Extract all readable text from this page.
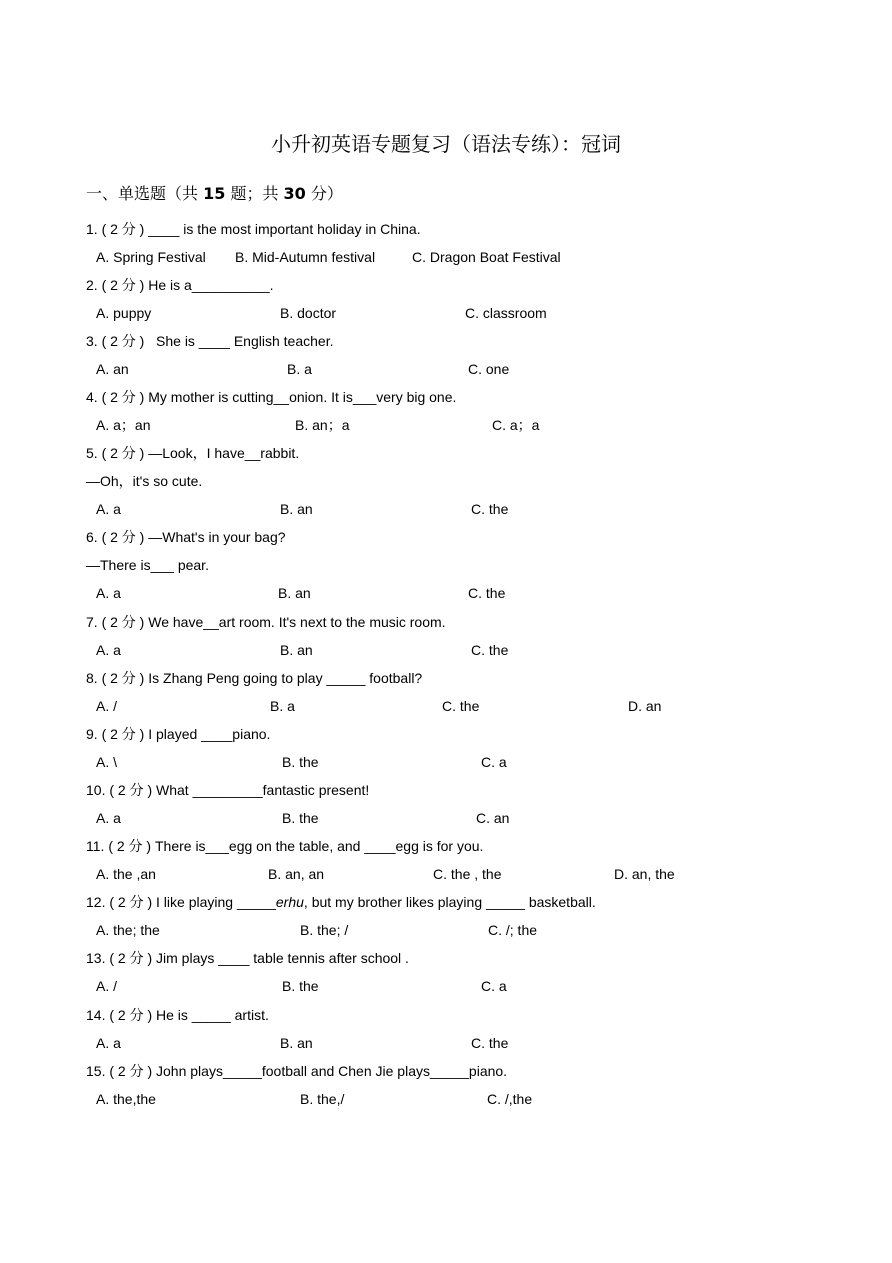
小升初英语专题复习（语法专练）：冠词
一、单选题（共 15 题；共 30 分）
1. ( 2 分 ) ____ is the most important holiday in China.
A. Spring Festival B. Mid-Autumn festival	C. Dragon Boat Festival
2. ( 2 分 ) He is a__________.
A. puppy	B. doctor	C. classroom
3. ( 2 分 )   She is ____ English teacher.
A. an	B. a	C. one
4. ( 2 分 ) My mother is cutting__onion. It is___very big one.
A. a；an	B. an；a	C. a；a
5. ( 2 分 ) —Look，I have__rabbit.
—Oh，it's so cute.
A. a	B. an	C. the
6. ( 2 分 ) —What's in your bag?
—There is___ pear.
A. a	B. an	C. the
7. ( 2 分 ) We have__art room. It's next to the music room.
A. a	B. an	C. the
8. ( 2 分 ) Is Zhang Peng going to play _____ football?
A. /	B. a	C. the	D. an
9. ( 2 分 ) I played ____piano.
A. \	B. the	C. a
10. ( 2 分 ) What _________fantastic present!
A. a	B. the	C. an
11. ( 2 分 ) There is___egg on the table, and ____egg is for you.
A. the ,an	B. an, an	C. the , the	D. an, the
12. ( 2 分 ) I like playing _____erhu, but my brother likes playing _____ basketball.
A. the; the	B. the; /	C. /; the
13. ( 2 分 ) Jim plays ____ table tennis after school .
A. /	B. the	C. a
14. ( 2 分 ) He is _____ artist.
A. a	B. an	C. the
15. ( 2 分 ) John plays_____football and Chen Jie plays_____piano.
A. the,the	B. the,/	C. /,the
